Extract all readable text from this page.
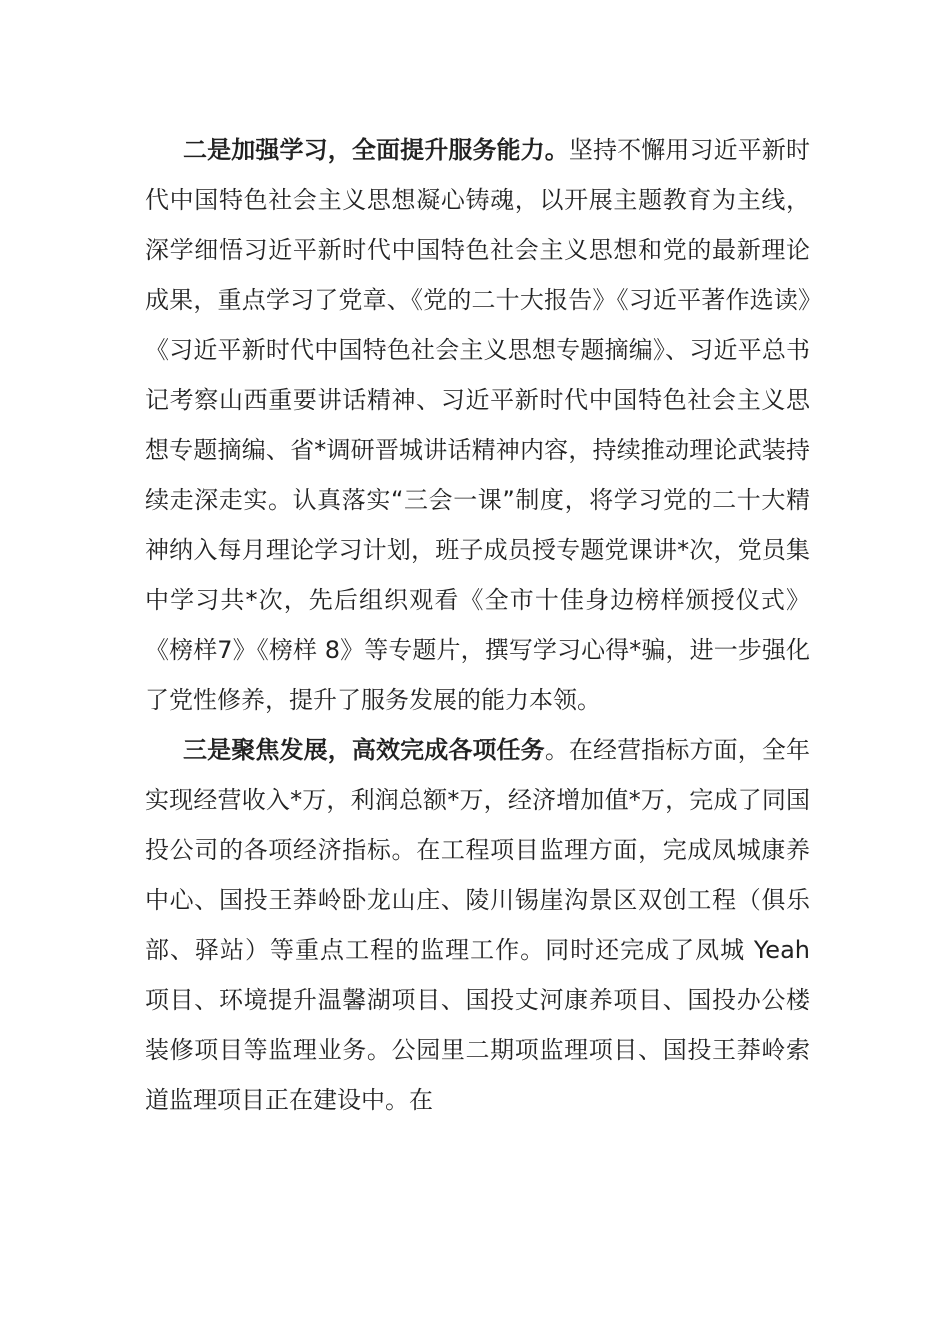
二是加强学习，全面提升服务能力。坚持不懈用习近平新时代中国特色社会主义思想凝心铸魂，以开展主题教育为主线，深学细悟习近平新时代中国特色社会主义思想和党的最新理论成果，重点学习了党章、《党的二十大报告》《习近平著作选读》《习近平新时代中国特色社会主义思想专题摘编》、习近平总书记考察山西重要讲话精神、习近平新时代中国特色社会主义思想专题摘编、省*调研晋城讲话精神内容，持续推动理论武装持续走深走实。认真落实“三会一课”制度，将学习党的二十大精神纳入每月理论学习计划，班子成员授专题党课讲*次，党员集中学习共*次，先后组织观看《全市十佳身边榜样颁授仪式》《榜样7》《榜样 8》等专题片，撰写学习心得*骗，进一步强化了党性修养，提升了服务发展的能力本领。

三是聚焦发展，高效完成各项任务。在经营指标方面，全年实现经营收入*万，利润总额*万，经济增加值*万，完成了同国投公司的各项经济指标。在工程项目监理方面，完成凤城康养中心、国投王莽岭卧龙山庄、陵川锡崖沟景区双创工程（俱乐部、驿站）等重点工程的监理工作。同时还完成了凤城 Yeah 项目、环境提升温馨湖项目、国投丈河康养项目、国投办公楼装修项目等监理业务。公园里二期项监理项目、国投王莽岭索道监理项目正在建设中。在
